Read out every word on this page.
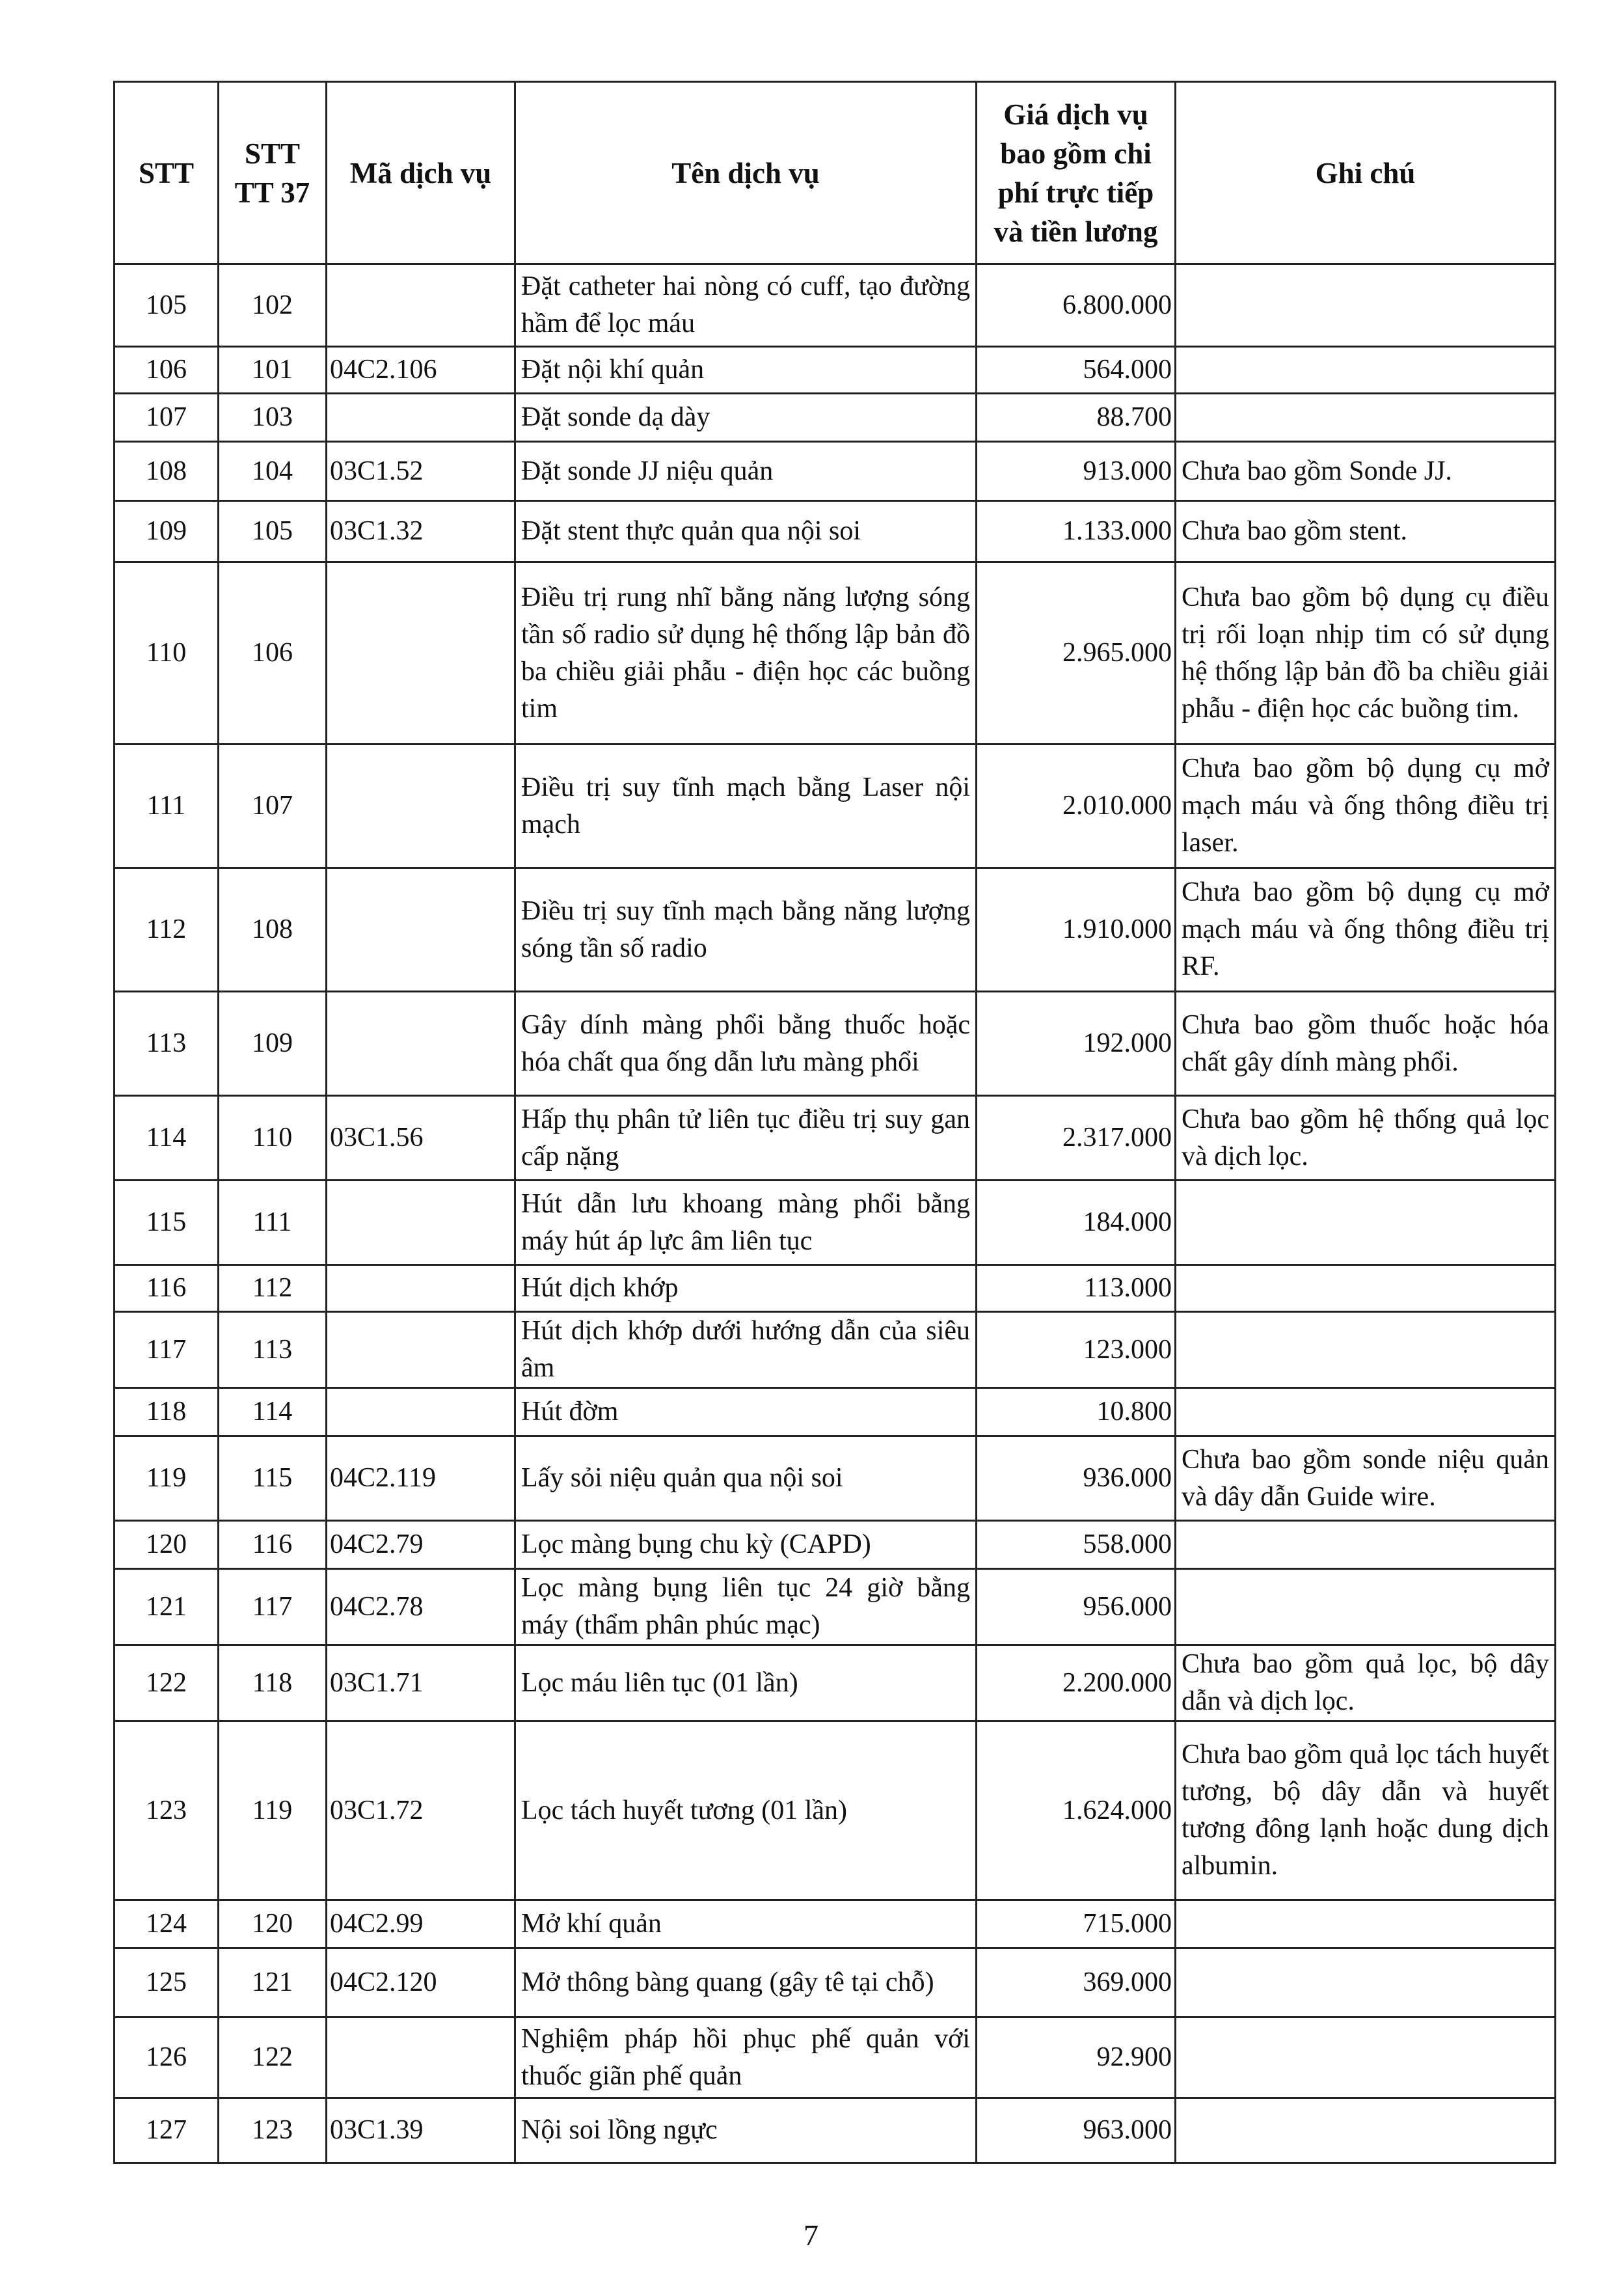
STT	STT TT 37	Mã dịch vụ	Tên dịch vụ	Giá dịch vụ bao gồm chi phí trực tiếp và tiền lương	Ghi chú
105	102		Đặt catheter hai nòng có cuff, tạo đường hầm để lọc máu	6.800.000	
106	101	04C2.106	Đặt nội khí quản	564.000	
107	103		Đặt sonde dạ dày	88.700	
108	104	03C1.52	Đặt sonde JJ niệu quản	913.000	Chưa bao gồm Sonde JJ.
109	105	03C1.32	Đặt stent thực quản qua nội soi	1.133.000	Chưa bao gồm stent.
110	106		Điều trị rung nhĩ bằng năng lượng sóng tần số radio sử dụng hệ thống lập bản đồ ba chiều giải phẫu - điện học các buồng tim	2.965.000	Chưa bao gồm bộ dụng cụ điều trị rối loạn nhịp tim có sử dụng hệ thống lập bản đồ ba chiều giải phẫu - điện học các buồng tim.
111	107		Điều trị suy tĩnh mạch bằng Laser nội mạch	2.010.000	Chưa bao gồm bộ dụng cụ mở mạch máu và ống thông điều trị laser.
112	108		Điều trị suy tĩnh mạch bằng năng lượng sóng tần số radio	1.910.000	Chưa bao gồm bộ dụng cụ mở mạch máu và ống thông điều trị RF.
113	109		Gây dính màng phổi bằng thuốc hoặc hóa chất qua ống dẫn lưu màng phổi	192.000	Chưa bao gồm thuốc hoặc hóa chất gây dính màng phổi.
114	110	03C1.56	Hấp thụ phân tử liên tục điều trị suy gan cấp nặng	2.317.000	Chưa bao gồm hệ thống quả lọc và dịch lọc.
115	111		Hút dẫn lưu khoang màng phổi bằng máy hút áp lực âm liên tục	184.000	
116	112		Hút dịch khớp	113.000	
117	113		Hút dịch khớp dưới hướng dẫn của siêu âm	123.000	
118	114		Hút đờm	10.800	
119	115	04C2.119	Lấy sỏi niệu quản qua nội soi	936.000	Chưa bao gồm sonde niệu quản và dây dẫn Guide wire.
120	116	04C2.79	Lọc màng bụng chu kỳ (CAPD)	558.000	
121	117	04C2.78	Lọc màng bụng liên tục 24 giờ bằng máy (thẩm phân phúc mạc)	956.000	
122	118	03C1.71	Lọc máu liên tục (01 lần)	2.200.000	Chưa bao gồm quả lọc, bộ dây dẫn và dịch lọc.
123	119	03C1.72	Lọc tách huyết tương (01 lần)	1.624.000	Chưa bao gồm quả lọc tách huyết tương, bộ dây dẫn và huyết tương đông lạnh hoặc dung dịch albumin.
124	120	04C2.99	Mở khí quản	715.000	
125	121	04C2.120	Mở thông bàng quang (gây tê tại chỗ)	369.000	
126	122		Nghiệm pháp hồi phục phế quản với thuốc giãn phế quản	92.900	
127	123	03C1.39	Nội soi lồng ngực	963.000	
7
